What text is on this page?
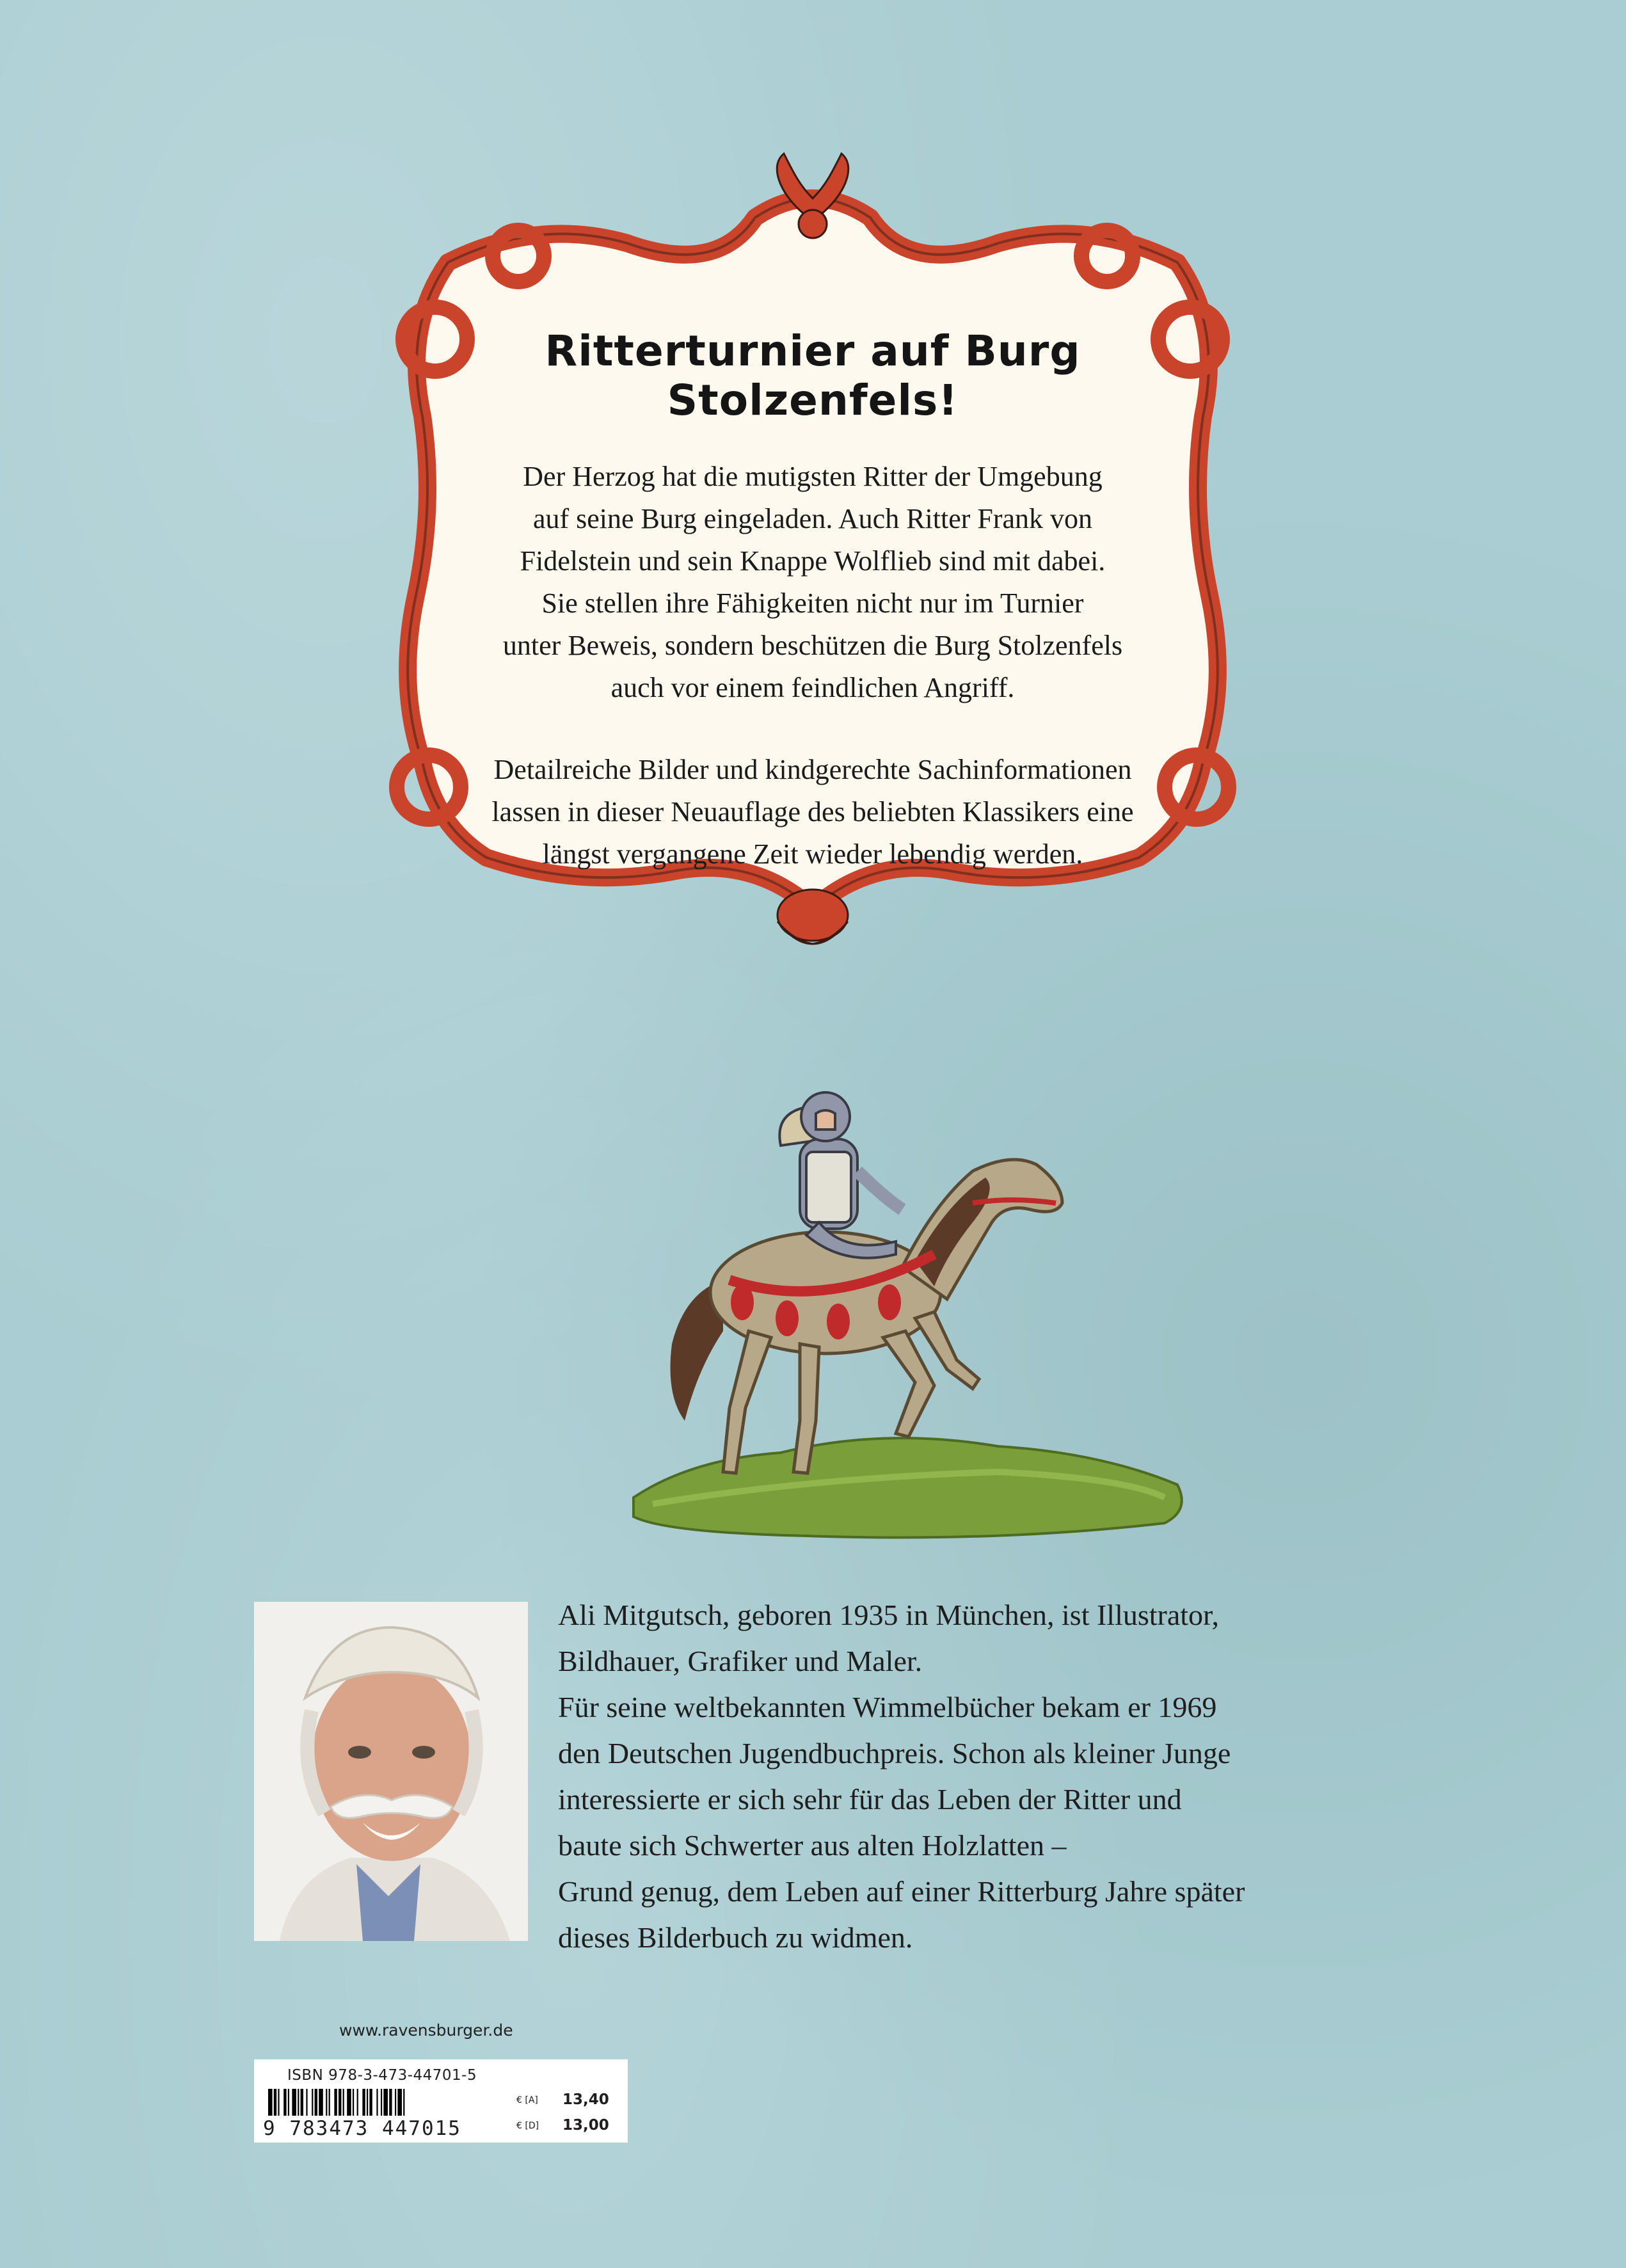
Ritterturnier auf Burg Stolzenfels!

Der Herzog hat die mutigsten Ritter der Umgebung
auf seine Burg eingeladen. Auch Ritter Frank von
Fidelstein und sein Knappe Wolflieb sind mit dabei.
Sie stellen ihre Fähigkeiten nicht nur im Turnier
unter Beweis, sondern beschützen die Burg Stolzenfels
auch vor einem feindlichen Angriff.

Detailreiche Bilder und kindgerechte Sachinformationen
lassen in dieser Neuauflage des beliebten Klassikers eine
längst vergangene Zeit wieder lebendig werden.

Ali Mitgutsch, geboren 1935 in München, ist Illustrator,

Bildhauer, Grafiker und Maler.

Für seine weltbekannten Wimmelbücher bekam er 1969

den Deutschen Jugendbuchpreis. Schon als kleiner Junge

interessierte er sich sehr für das Leben der Ritter und

baute sich Schwerter aus alten Holzlatten –

Grund genug, dem Leben auf einer Ritterburg Jahre später

dieses Bilderbuch zu widmen.

www.ravensburger.de
ISBN 978-3-473-44701-5
9 783473 447015
€ [A] 13,40
€ [D] 13,00
